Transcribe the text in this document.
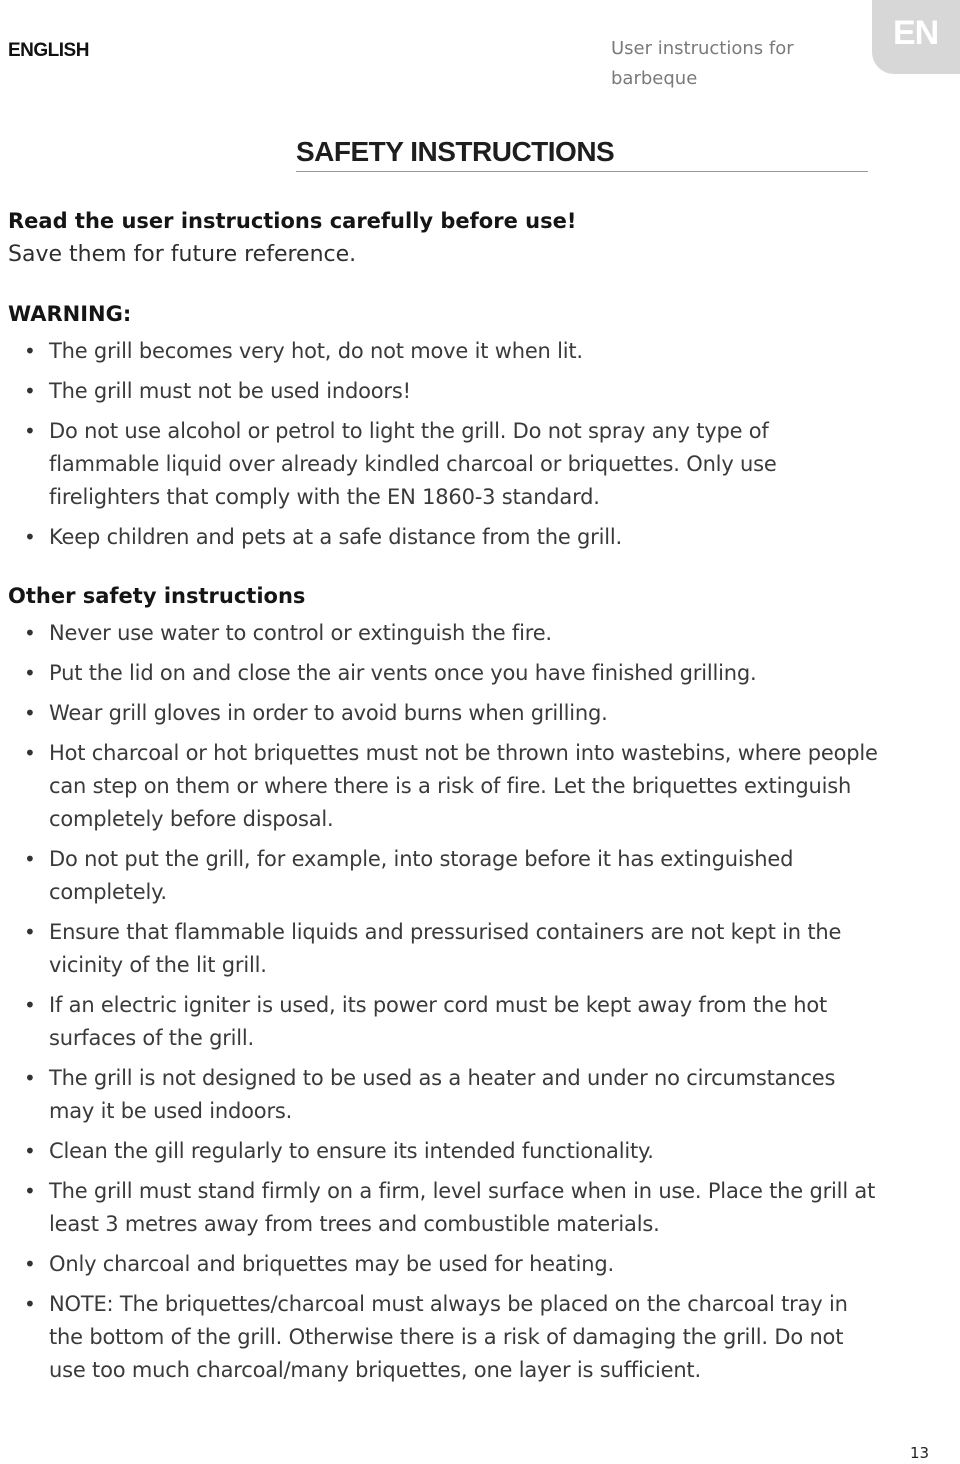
ENGLISH	User instructions for barbeque
EN
SAFETY INSTRUCTIONS
Read the user instructions carefully before use!
Save them for future reference.
WARNING:
• The grill becomes very hot, do not move it when lit.
• The grill must not be used indoors!
• Do not use alcohol or petrol to light the grill. Do not spray any type of flammable liquid over already kindled charcoal or briquettes. Only use firelighters that comply with the EN 1860-3 standard.
• Keep children and pets at a safe distance from the grill.
Other safety instructions
• Never use water to control or extinguish the fire.
• Put the lid on and close the air vents once you have finished grilling.
• Wear grill gloves in order to avoid burns when grilling.
• Hot charcoal or hot briquettes must not be thrown into wastebins, where people can step on them or where there is a risk of fire. Let the briquettes extinguish completely before disposal.
• Do not put the grill, for example, into storage before it has extinguished completely.
• Ensure that flammable liquids and pressurised containers are not kept in the vicinity of the lit grill.
• If an electric igniter is used, its power cord must be kept away from the hot surfaces of the grill.
• The grill is not designed to be used as a heater and under no circumstances may it be used indoors.
• Clean the gill regularly to ensure its intended functionality.
• The grill must stand firmly on a firm, level surface when in use. Place the grill at least 3 metres away from trees and combustible materials.
• Only charcoal and briquettes may be used for heating.
• NOTE: The briquettes/charcoal must always be placed on the charcoal tray in the bottom of the grill. Otherwise there is a risk of damaging the grill. Do not use too much charcoal/many briquettes, one layer is sufficient.
13
